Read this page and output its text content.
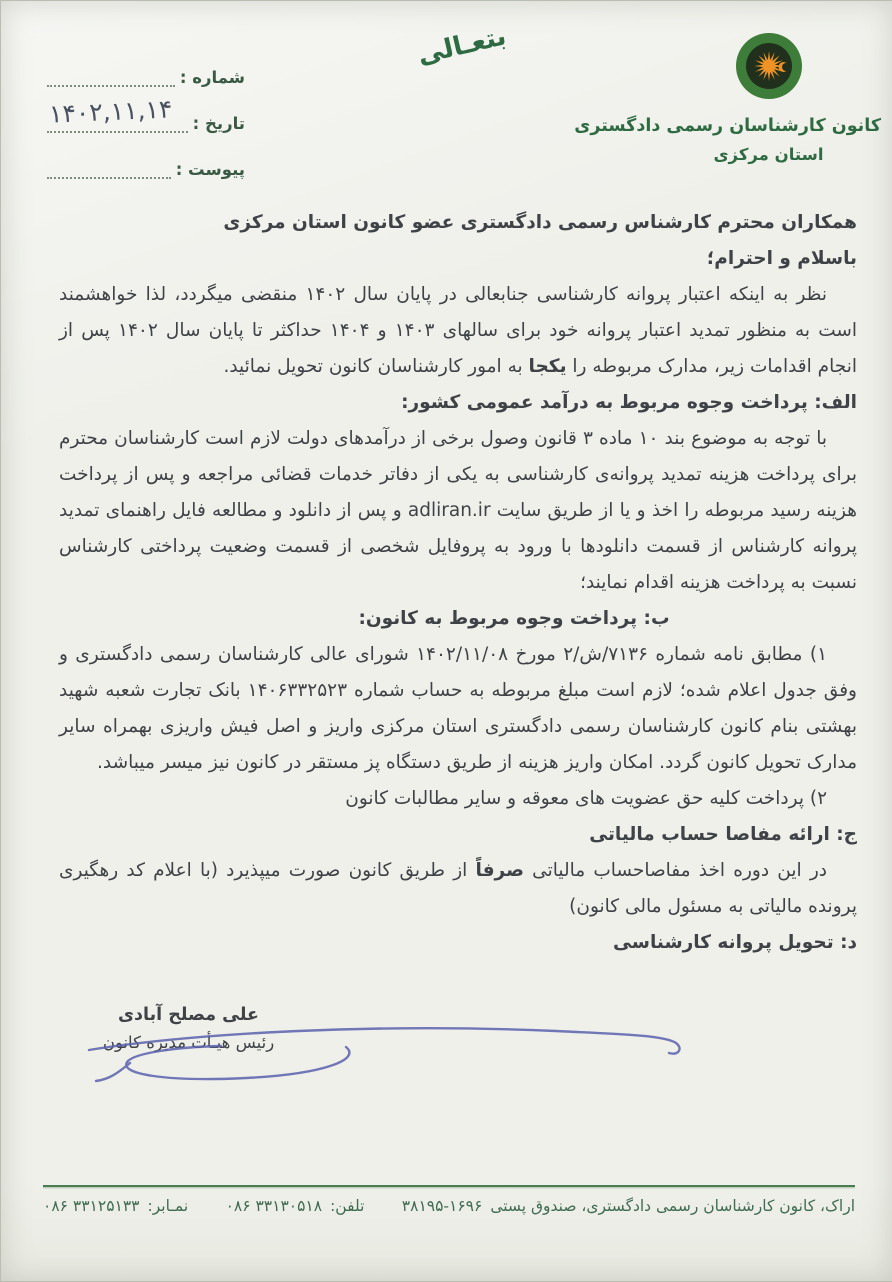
شماره :
تاریخ :
پیوست :
۱۴۰۲,۱۱,۱۴
بتعـالی
کانون کارشناسان رسمی دادگستری
استان مرکزی

همکاران محترم کارشناس رسمی دادگستری عضو کانون استان مرکزی

باسلام و احترام؛

نظر به اینکه اعتبار پروانه کارشناسی جنابعالی در پایان سال ۱۴۰۲ منقضی میگردد، لذا خواهشمند است به منظور تمدید اعتبار پروانه خود برای سالهای ۱۴۰۳ و ۱۴۰۴ حداکثر تا پایان سال ۱۴۰۲ پس از انجام اقدامات زیر، مدارک مربوطه را یکجا به امور کارشناسان کانون تحویل نمائید.

الف: پرداخت وجوه مربوط به درآمد عمومی کشور:

با توجه به موضوع بند ۱۰ ماده ۳ قانون وصول برخی از درآمدهای دولت لازم است کارشناسان محترم برای پرداخت هزینه تمدید پروانه‌ی کارشناسی به یکی از دفاتر خدمات قضائی مراجعه و پس از پرداخت هزینه رسید مربوطه را اخذ و یا از طریق سایت adliran.ir و پس از دانلود و مطالعه فایل راهنمای تمدید پروانه کارشناس از قسمت دانلودها با ورود به پروفایل شخصی از قسمت وضعیت پرداختی کارشناس نسبت به پرداخت هزینه اقدام نمایند؛

ب: پرداخت وجوه مربوط به کانون:

۱) مطابق نامه شماره ۷۱۳۶/ش/۲ مورخ ۱۴۰۲/۱۱/۰۸ شورای عالی کارشناسان رسمی دادگستری و وفق جدول اعلام شده؛ لازم است مبلغ مربوطه به حساب شماره ۱۴۰۶۳۳۲۵۲۳ بانک تجارت شعبه شهید بهشتی بنام کانون کارشناسان رسمی دادگستری استان مرکزی واریز و اصل فیش واریزی بهمراه سایر مدارک تحویل کانون گردد. امکان واریز هزینه از طریق دستگاه پز مستقر در کانون نیز میسر میباشد.

۲) پرداخت کلیه حق عضویت های معوقه و سایر مطالبات کانون

ج: ارائه مفاصا حساب مالیاتی

در این دوره اخذ مفاصاحساب مالیاتی صرفاً از طریق کانون صورت میپذیرد (با اعلام کد رهگیری پرونده مالیاتی به مسئول مالی کانون)

د: تحویل پروانه کارشناسی

علی مصلح آبادی
رئیس هیـأت مدیره کانون
اراک، کانون کارشناسان رسمی دادگستری، صندوق پستی
۳۸۱۹۵-۱۶۹۶
تلفن:
۰۸۶ ۳۳۱۳۰۵۱۸
نمـابر:
۰۸۶ ۳۳۱۲۵۱۳۳
